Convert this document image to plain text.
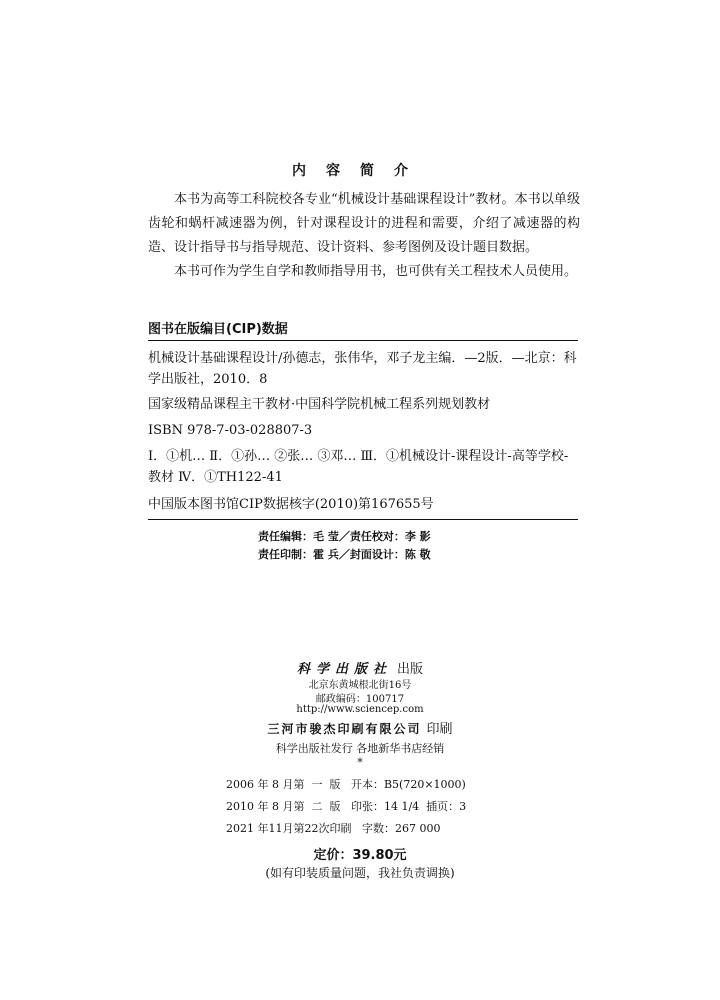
内容简介
本书为高等工科院校各专业“机械设计基础课程设计”教材。本书以单级齿轮和蜗杆减速器为例，针对课程设计的进程和需要，介绍了减速器的构造、设计指导书与指导规范、设计资料、参考图例及设计题目数据。
本书可作为学生自学和教师指导用书，也可供有关工程技术人员使用。
图书在版编目(CIP)数据
机械设计基础课程设计/孙德志，张伟华，邓子龙主编．—2版．—北京：科学出版社，2010．8
国家级精品课程主干教材·中国科学院机械工程系列规划教材
ISBN 978-7-03-028807-3
Ⅰ．①机… Ⅱ．①孙… ②张… ③邓… Ⅲ．①机械设计-课程设计-高等学校-教材 Ⅳ．①TH122-41
中国版本图书馆CIP数据核字(2010)第167655号
责任编辑：毛 莹／责任校对：李 影
责任印制：霍 兵／封面设计：陈 敬
科学出版社 出版
北京东黄城根北街16号
邮政编码：100717
http://www.sciencep.com
三河市骏杰印刷有限公司 印刷
科学出版社发行 各地新华书店经销
*
2006 年 8 月第  一  版   开本：B5(720×1000)
2010 年 8 月第  二  版   印张：14 1/4  插页：3
2021 年11月第22次印刷   字数：267 000
定价：39.80元
(如有印装质量问题，我社负责调换)
